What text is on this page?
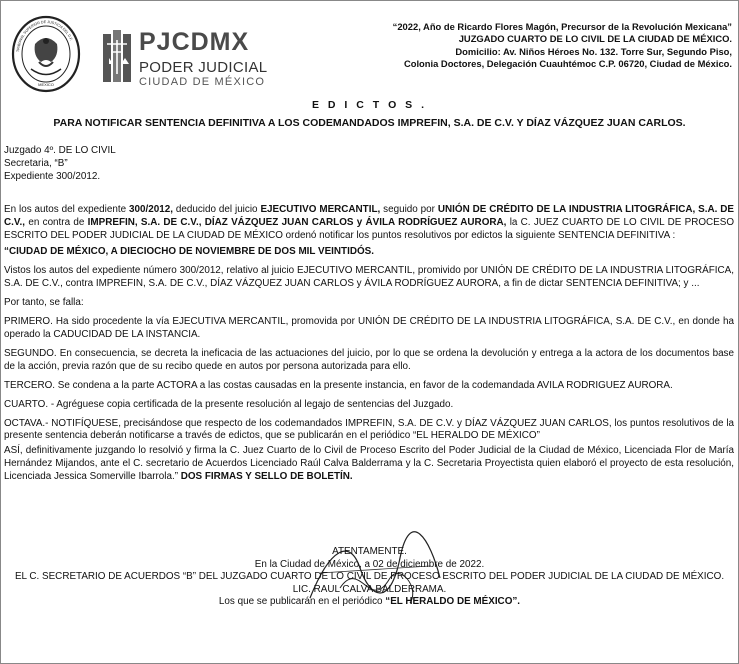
MEXICO
TRIBUNAL SUPERIOR DE JUSTICIA DEL D.F.	PJCDMX
PODER JUDICIAL
CIUDAD DE MÉXICO
“2022, Año de Ricardo Flores Magón, Precursor de la Revolución Mexicana”
JUZGADO CUARTO DE LO CIVIL DE LA CIUDAD DE MÉXICO.
Domicilio: Av. Niños Héroes No. 132. Torre Sur, Segundo Piso,
Colonia Doctores, Delegación Cuauhtémoc C.P. 06720, Ciudad de México.
E D I C T O S .
PARA NOTIFICAR SENTENCIA DEFINITIVA A LOS CODEMANDADOS IMPREFIN, S.A. DE C.V. Y DÍAZ VÁZQUEZ JUAN CARLOS.
Juzgado 4º. DE LO CIVIL
Secretaria, “B”
Expediente 300/2012.

En los autos del expediente 300/2012, deducido del juicio EJECUTIVO MERCANTIL, seguido por UNIÓN DE CRÉDITO DE LA INDUSTRIA LITOGRÁFICA, S.A. DE C.V., en contra de IMPREFIN, S.A. DE C.V., DÍAZ VÁZQUEZ JUAN CARLOS y ÁVILA RODRÍGUEZ AURORA, la C. JUEZ CUARTO DE LO CIVIL DE PROCESO ESCRITO DEL PODER JUDICIAL DE LA CIUDAD DE MÉXICO ordenó notificar los puntos resolutivos por edictos la siguiente SENTENCIA DEFINITIVA :

“CIUDAD DE MÉXICO, A DIECIOCHO DE NOVIEMBRE DE DOS MIL VEINTIDÓS.

Vistos los autos del expediente número 300/2012, relativo al juicio EJECUTIVO MERCANTIL, promivido por UNIÓN DE CRÉDITO DE LA INDUSTRIA LITOGRÁFICA, S.A. DE C.V., contra IMPREFIN, S.A. DE C.V., DÍAZ VÁZQUEZ JUAN CARLOS y ÁVILA RODRÍGUEZ AURORA, a fin de dictar SENTENCIA DEFINITIVA; y ...

Por tanto, se falla:

PRIMERO. Ha sido procedente la vía EJECUTIVA MERCANTIL, promovida por UNIÓN DE CRÉDITO DE LA INDUSTRIA LITOGRÁFICA, S.A. DE C.V., en donde ha operado la CADUCIDAD DE LA INSTANCIA.

SEGUNDO. En consecuencia, se decreta la ineficacia de las actuaciones del juicio, por lo que se ordena la devolución y entrega a la actora de los documentos base de la acción, previa razón que de su recibo quede en autos por persona autorizada para ello.

TERCERO. Se condena a la parte ACTORA a las costas causadas en la presente instancia, en favor de la codemandada AVILA RODRIGUEZ AURORA.

CUARTO. - Agréguese copia certificada de la presente resolución al legajo de sentencias del Juzgado.

OCTAVA.- NOTIFÍQUESE, precisándose que respecto de los codemandados IMPREFIN, S.A. DE C.V. y DÍAZ VÁZQUEZ JUAN CARLOS, los puntos resolutivos de la presente sentencia deberán notificarse a través de edictos, que se publicarán en el periódico “EL HERALDO DE MÉXICO”

ASÍ, definitivamente juzgando lo resolvió y firma la C. Juez Cuarto de lo Civil de Proceso Escrito del Poder Judicial de la Ciudad de México, Licenciada Flor de María Hernández Mijandos, ante el C. secretario de Acuerdos Licenciado Raúl Calva Balderrama y la C. Secretaria Proyectista quien elaboró el proyecto de esta resolución, Licenciada Jessica Somerville Ibarrola.” DOS FIRMAS Y SELLO DE BOLETÍN.

ATENTAMENTE.
En la Ciudad de México, a 02 de diciembre de 2022.
EL C. SECRETARIO DE ACUERDOS “B” DEL JUZGADO CUARTO DE LO CIVIL DE PROCESO ESCRITO DEL PODER JUDICIAL DE LA CIUDAD DE MÉXICO.
LIC. RAUL CALVA BALDERRAMA.
Los que se publicarán en el periódico “EL HERALDO DE MÉXICO”.
